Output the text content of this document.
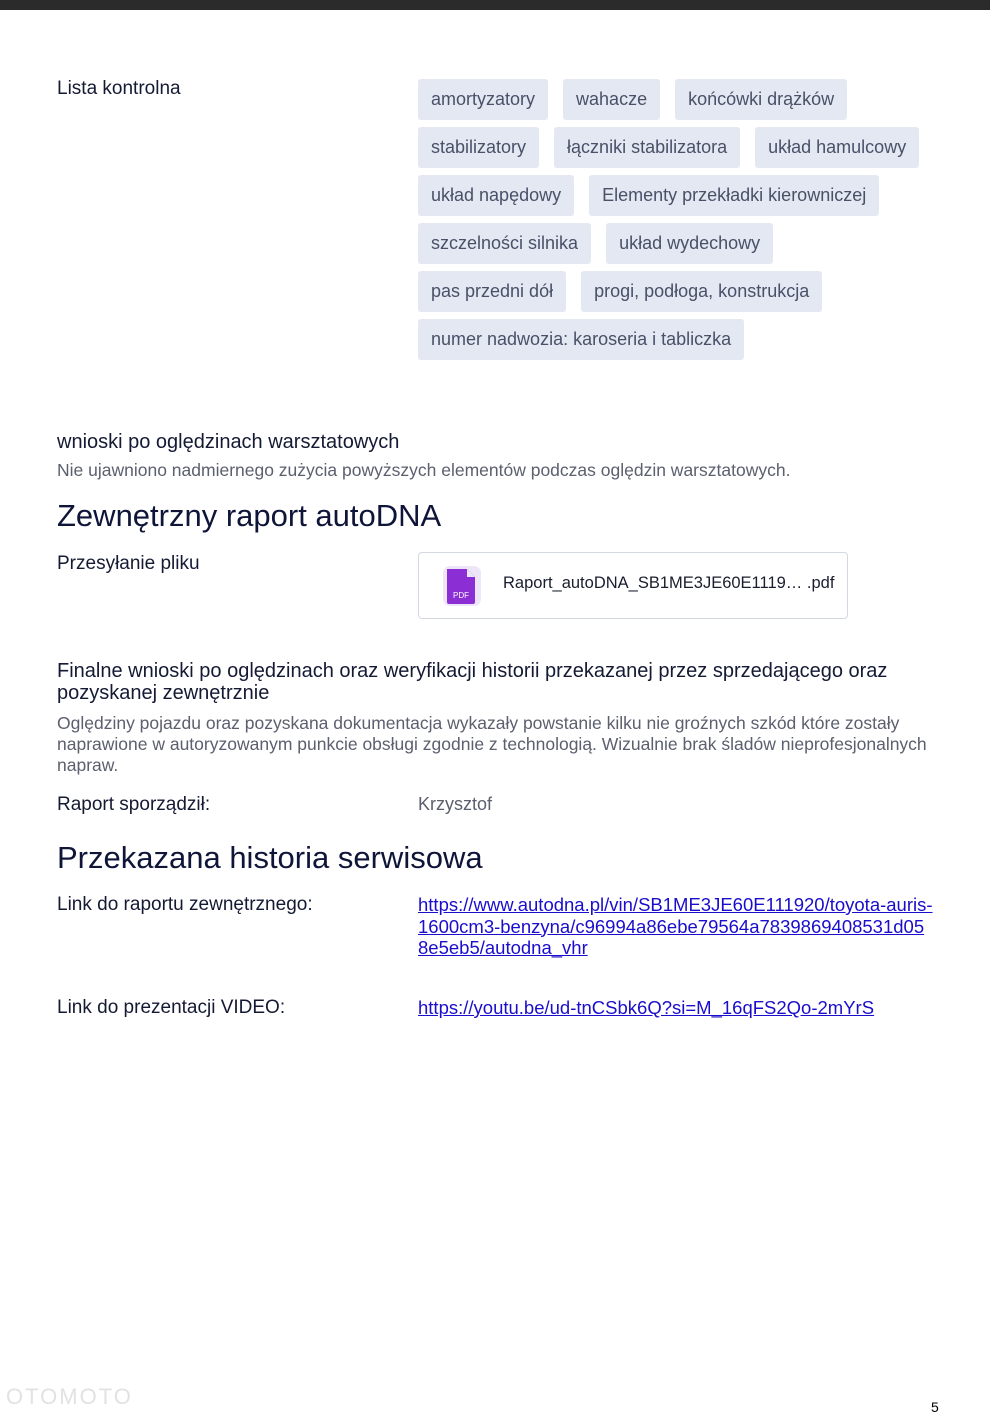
Lista kontrolna	amortyzatory	wahacze	końcówki drążków
stabilizatory	łączniki stabilizatora	układ hamulcowy
układ napędowy	Elementy przekładki kierowniczej
szczelności silnika	układ wydechowy
pas przedni dół	progi, podłoga, konstrukcja
numer nadwozia: karoseria i tabliczka
wnioski po oględzinach warsztatowych
Nie ujawniono nadmiernego zużycia powyższych elementów podczas oględzin warsztatowych.
Zewnętrzny raport autoDNA
Przesyłanie pliku
PDF
Raport_autoDNA_SB1ME3JE60E1119… .pdf
Finalne wnioski po oględzinach oraz weryfikacji historii przekazanej przez sprzedającego oraz pozyskanej zewnętrznie
Oględziny pojazdu oraz pozyskana dokumentacja wykazały powstanie kilku nie groźnych szkód które zostały naprawione w autoryzowanym punkcie obsługi zgodnie z technologią. Wizualnie brak śladów nieprofesjonalnych napraw.
Raport sporządził:	Krzysztof
Przekazana historia serwisowa
Link do raportu zewnętrznego:	https://www.autodna.pl/vin/SB1ME3JE60E111920/toyota-auris-1600cm3-benzyna/c96994a86ebe79564a7839869408531d058e5eb5/autodna_vhr
Link do prezentacji VIDEO:	https://youtu.be/ud-tnCSbk6Q?si=M_16qFS2Qo-2mYrS
OTOMOTO	5
